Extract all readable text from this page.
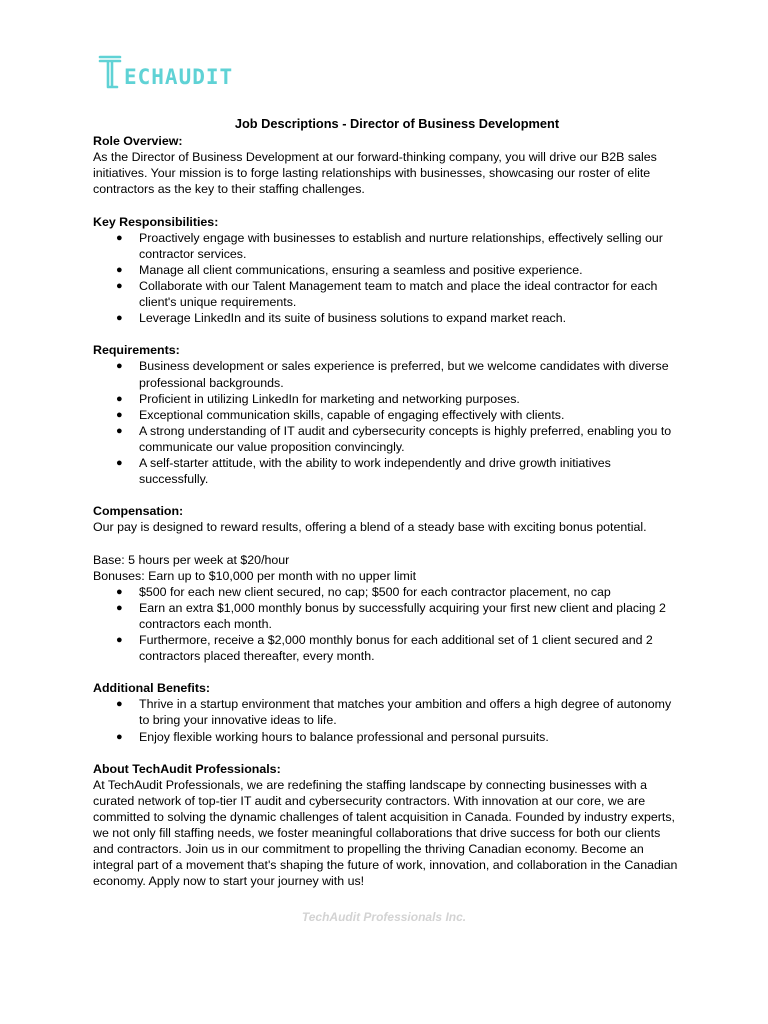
ECHAUDIT
Job Descriptions - Director of Business Development
Role Overview:

As the Director of Business Development at our forward-thinking company, you will drive our B2B sales initiatives. Your mission is to forge lasting relationships with businesses, showcasing our roster of elite contractors as the key to their staffing challenges.

Key Responsibilities:
● Proactively engage with businesses to establish and nurture relationships, effectively selling our contractor services.
● Manage all client communications, ensuring a seamless and positive experience.
● Collaborate with our Talent Management team to match and place the ideal contractor for each client's unique requirements.
● Leverage LinkedIn and its suite of business solutions to expand market reach.
Requirements:
● Business development or sales experience is preferred, but we welcome candidates with diverse professional backgrounds.
● Proficient in utilizing LinkedIn for marketing and networking purposes.
● Exceptional communication skills, capable of engaging effectively with clients.
● A strong understanding of IT audit and cybersecurity concepts is highly preferred, enabling you to communicate our value proposition convincingly.
● A self-starter attitude, with the ability to work independently and drive growth initiatives successfully.
Compensation:

Our pay is designed to reward results, offering a blend of a steady base with exciting bonus potential.

Base: 5 hours per week at $20/hour

Bonuses: Earn up to $10,000 per month with no upper limit

● $500 for each new client secured, no cap; $500 for each contractor placement, no cap
● Earn an extra $1,000 monthly bonus by successfully acquiring your first new client and placing 2 contractors each month.
● Furthermore, receive a $2,000 monthly bonus for each additional set of 1 client secured and 2 contractors placed thereafter, every month.
Additional Benefits:
● Thrive in a startup environment that matches your ambition and offers a high degree of autonomy to bring your innovative ideas to life.
● Enjoy flexible working hours to balance professional and personal pursuits.
About TechAudit Professionals:

At TechAudit Professionals, we are redefining the staffing landscape by connecting businesses with a curated network of top-tier IT audit and cybersecurity contractors. With innovation at our core, we are committed to solving the dynamic challenges of talent acquisition in Canada. Founded by industry experts, we not only fill staffing needs, we foster meaningful collaborations that drive success for both our clients and contractors. Join us in our commitment to propelling the thriving Canadian economy. Become an integral part of a movement that's shaping the future of work, innovation, and collaboration in the Canadian economy. Apply now to start your journey with us!

TechAudit Professionals Inc.
